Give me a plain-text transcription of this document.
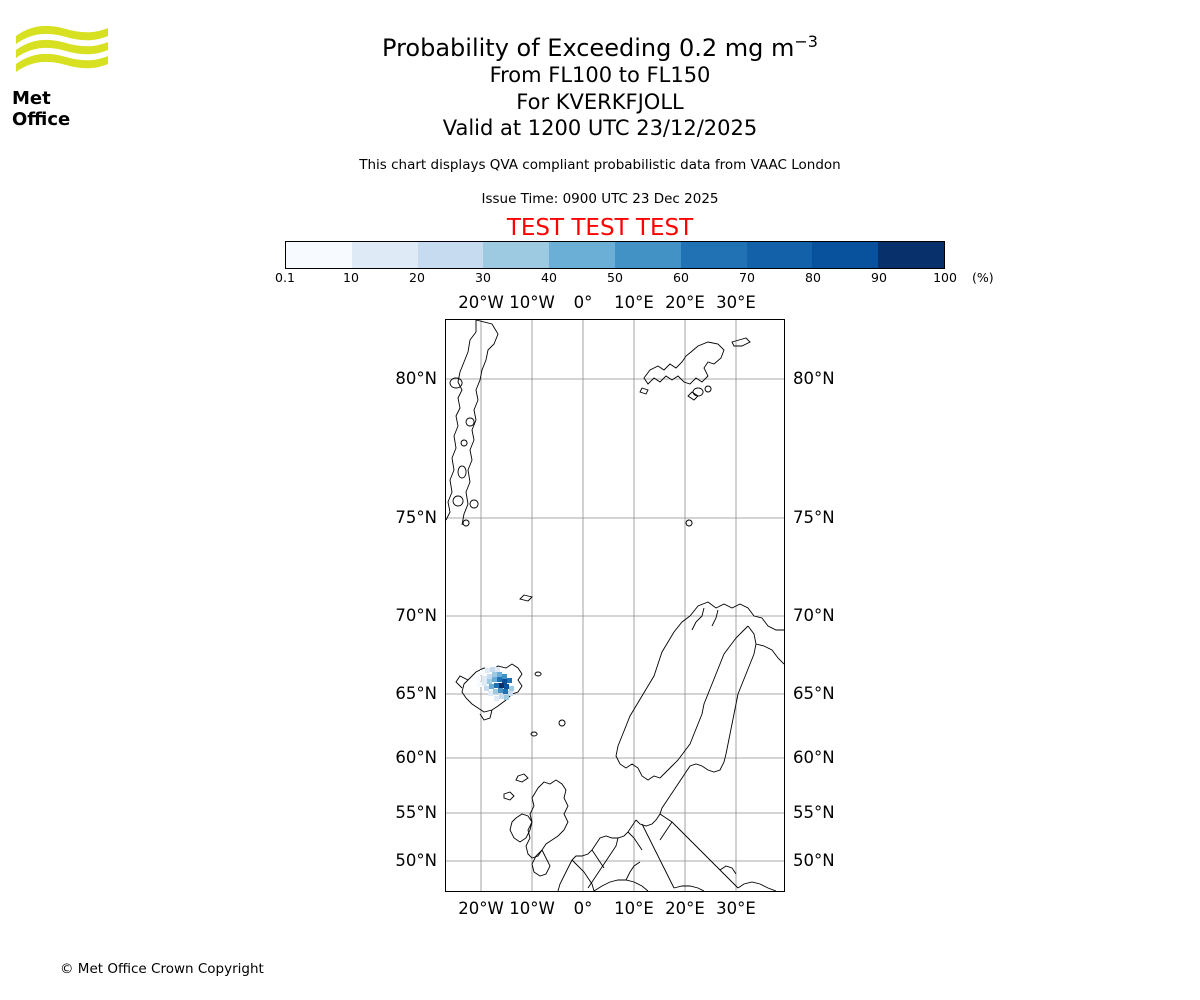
Met Office
Probability of Exceeding 0.2 mg $m^{-3}$
From FL100 to FL150
For KVERKFJOLL
Valid at 1200 UTC 23/12/2025
This chart displays QVA compliant probabilistic data from VAAC London
Issue Time: 0900 UTC 23 Dec 2025
TEST TEST TEST
0.1	10	20	30	40	50	60	70	80	90	100 (%)
20°W 10°W 0° 10°E 20°E 30°E
20°W 10°W 0° 10°E 20°E 30°E
80°N
75°N
70°N
65°N
60°N
55°N
50°N
80°N
75°N
70°N
65°N
60°N
55°N
50°N
© Met Office Crown Copyright
